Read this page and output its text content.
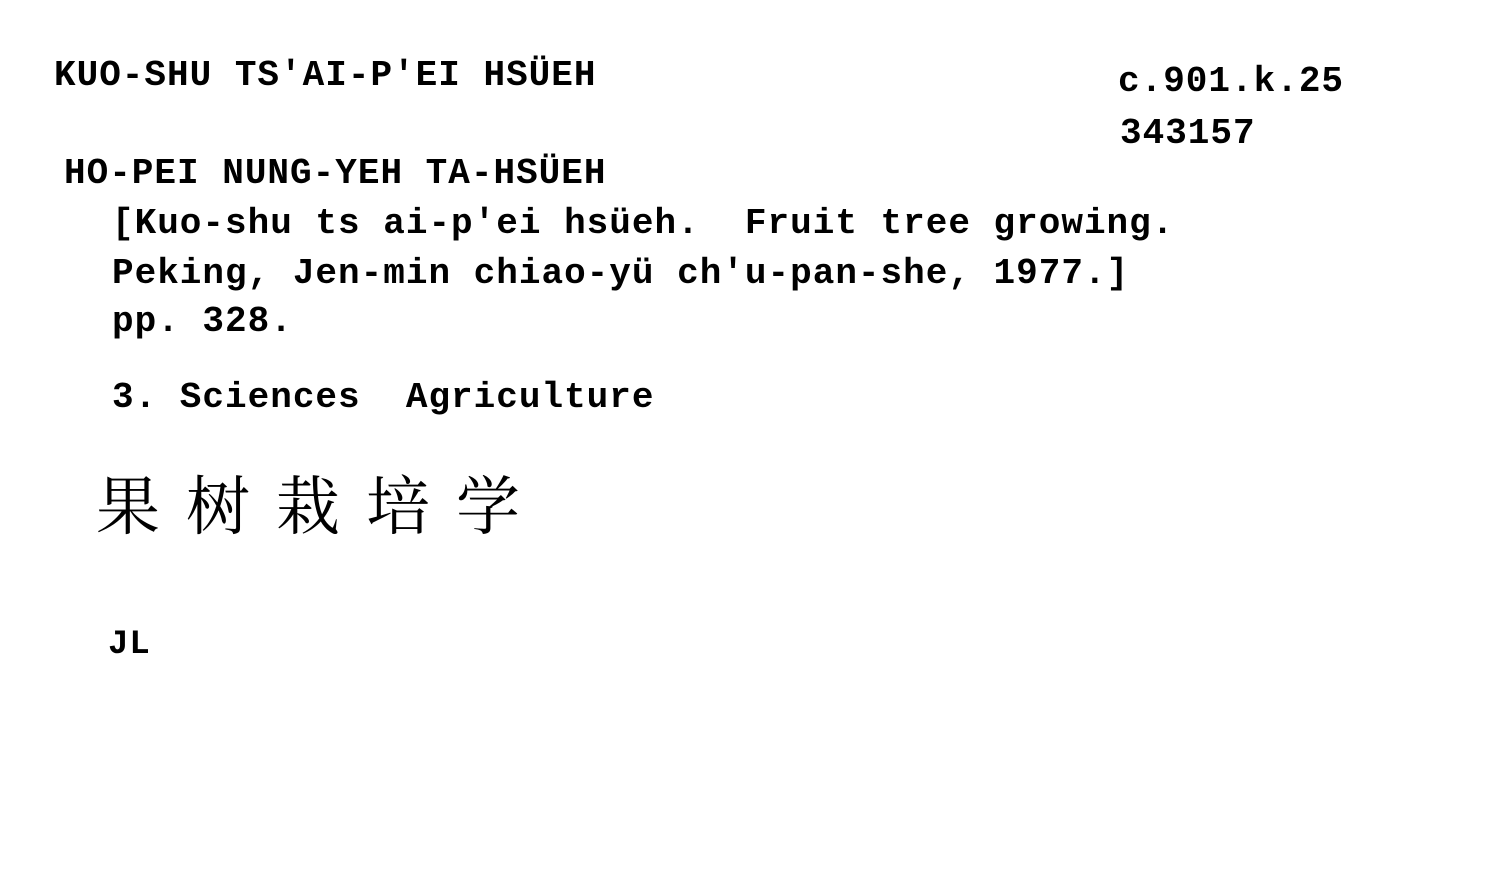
KUO-SHU TS'AI-P'EI HSÜEH	c.901.k.25
343157
HO-PEI NUNG-YEH TA-HSÜEH
[Kuo-shu ts ai-p'ei hsüeh.  Fruit tree growing.
Peking, Jen-min chiao-yü ch'u-pan-she, 1977.]
pp. 328.
3. Sciences  Agriculture
果树栽培学
JL
